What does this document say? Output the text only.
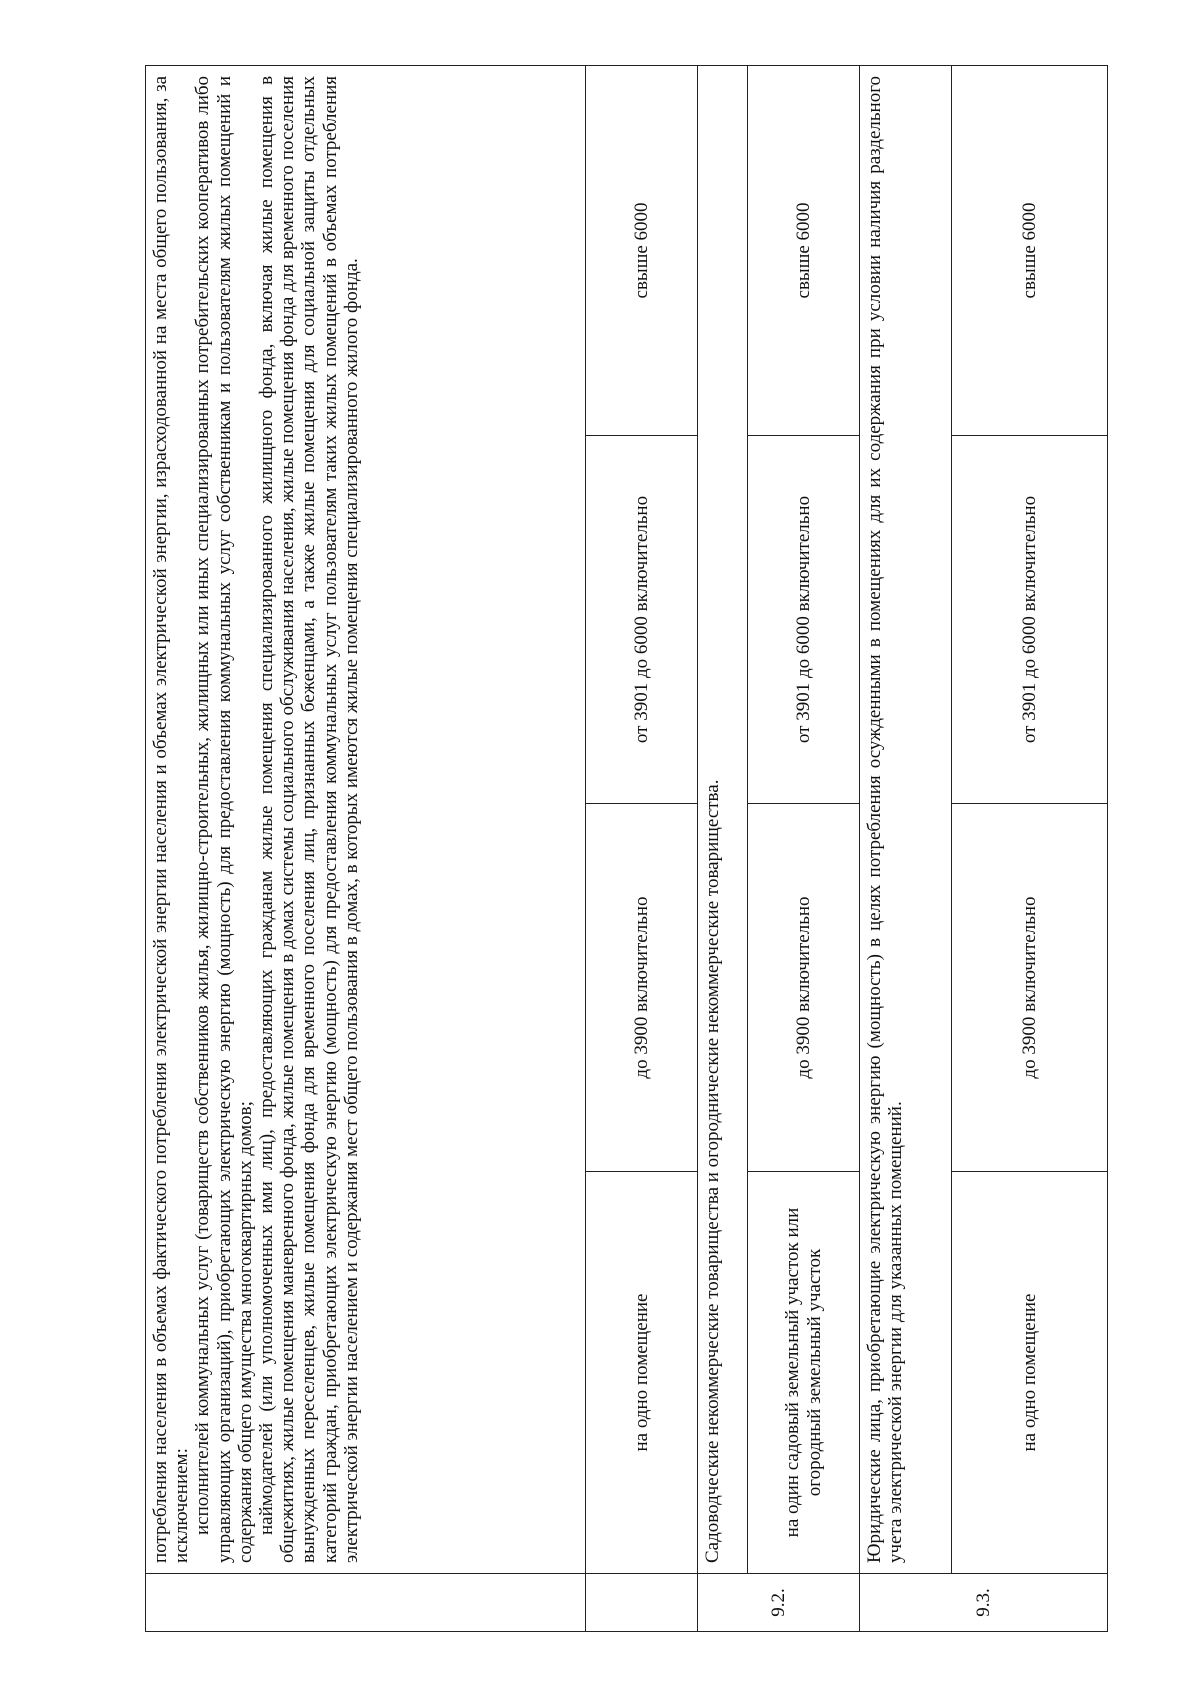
	потребления населения в объемах фактического потребления электрической энергии населения и объемах электрической энергии, израсходованной на места общего пользования, за исключением: исполнителей коммунальных услуг (товариществ собственников жилья, жилищно-строительных, жилищных или иных специализированных потребительских кооперативов либо управляющих организаций), приобретающих электрическую энергию (мощность) для предоставления коммунальных услуг собственникам и пользователям жилых помещений и содержания общего имущества многоквартирных домов; наймодателей (или уполномоченных ими лиц), предоставляющих гражданам жилые помещения специализированного жилищного фонда, включая жилые помещения в общежитиях, жилые помещения маневренного фонда, жилые помещения в домах системы социального обслуживания населения, жилые помещения фонда для временного поселения вынужденных переселенцев, жилые помещения фонда для временного поселения лиц, признанных беженцами, а также жилые помещения для социальной защиты отдельных категорий граждан, приобретающих электрическую энергию (мощность) для предоставления коммунальных услуг пользователям таких жилых помещений в объемах потребления электрической энергии населением и содержания мест общего пользования в домах, в которых имеются жилые помещения специализированного жилого фонда.			

	на одно помещение	до 3900 включительно	от 3901 до 6000 включительно	свыше 6000
9.2.	Садоводческие некоммерческие товарищества и огороднические некоммерческие товарищества.			
	на один садовый земельный участок или огородный земельный участок	до 3900 включительно	от 3901 до 6000 включительно	свыше 6000
9.3.	Юридические лица, приобретающие электрическую энергию (мощность) в целях потребления осужденными в помещениях для их содержания при условии наличия раздельного учета электрической энергии для указанных помещений.			
	на одно помещение	до 3900 включительно	от 3901 до 6000 включительно	свыше 6000
